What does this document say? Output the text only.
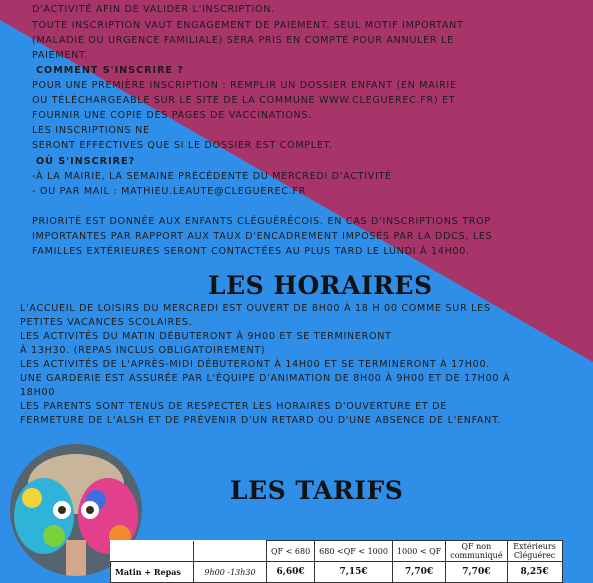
D'ACTIVITÉ AFIN DE VALIDER L'INSCRIPTION.

TOUTE INSCRIPTION VAUT ENGAGEMENT DE PAIEMENT. SEUL MOTIF IMPORTANT

(MALADIE OU URGENCE FAMILIALE) SERA PRIS EN COMPTE POUR ANNULER LE

PAIEMENT.

COMMENT S'INSCRIRE ?

POUR UNE PREMIÈRE INSCRIPTION : REMPLIR UN DOSSIER ENFANT (EN MAIRIE

OU TÉLÉCHARGEABLE SUR LE SITE DE LA COMMUNE WWW.CLEGUEREC.FR) ET

FOURNIR UNE COPIE DES PAGES DE VACCINATIONS.

LES INSCRIPTIONS NE

SERONT EFFECTIVES QUE SI LE DOSSIER EST COMPLET.

OÙ S'INSCRIRE?

-À LA MAIRIE, LA SEMAINE PRÉCÉDENTE DU MERCREDI D'ACTIVITÉ

- OU PAR MAIL : MATHIEU.LEAUTE@CLEGUEREC.FR

PRIORITÉ EST DONNÉE AUX ENFANTS CLÉGUÉRÉCOIS. EN CAS D'INSCRIPTIONS TROP

IMPORTANTES PAR RAPPORT AUX TAUX D'ENCADREMENT IMPOSÉS PAR LA DDCS, LES

FAMILLES EXTÉRIEURES SERONT CONTACTÉES AU PLUS TARD LE LUNDI À 14H00.

LES HORAIRES

L'ACCUEIL DE LOISIRS DU MERCREDI EST OUVERT DE 8H00 À 18 H 00 COMME SUR LES

PETITES VACANCES SCOLAIRES.

LES ACTIVITÉS DU MATIN DÉBUTERONT À 9H00 ET SE TERMINERONT

À 13H30. (REPAS INCLUS OBLIGATOIREMENT)

LES ACTIVITÉS DE L'APRÈS-MIDI DÉBUTERONT À 14H00 ET SE TERMINERONT À 17H00.

UNE GARDERIE EST ASSURÉE PAR L'ÉQUIPE D'ANIMATION DE 8H00 À 9H00 ET DE 17H00 À

18H00

LES PARENTS SONT TENUS DE RESPECTER LES HORAIRES D'OUVERTURE ET DE

FERMETURE DE L'ALSH ET DE PRÉVENIR D'UN RETARD OU D'UNE ABSENCE DE L'ENFANT.

LES TARIFS
		QF < 680	680 <QF < 1000	1000 < QF	QF non communiqué	Extérieurs Cléguérec
Matin + Repas	9h00 -13h30	6,60€	7,15€	7,70€	7,70€	8,25€
